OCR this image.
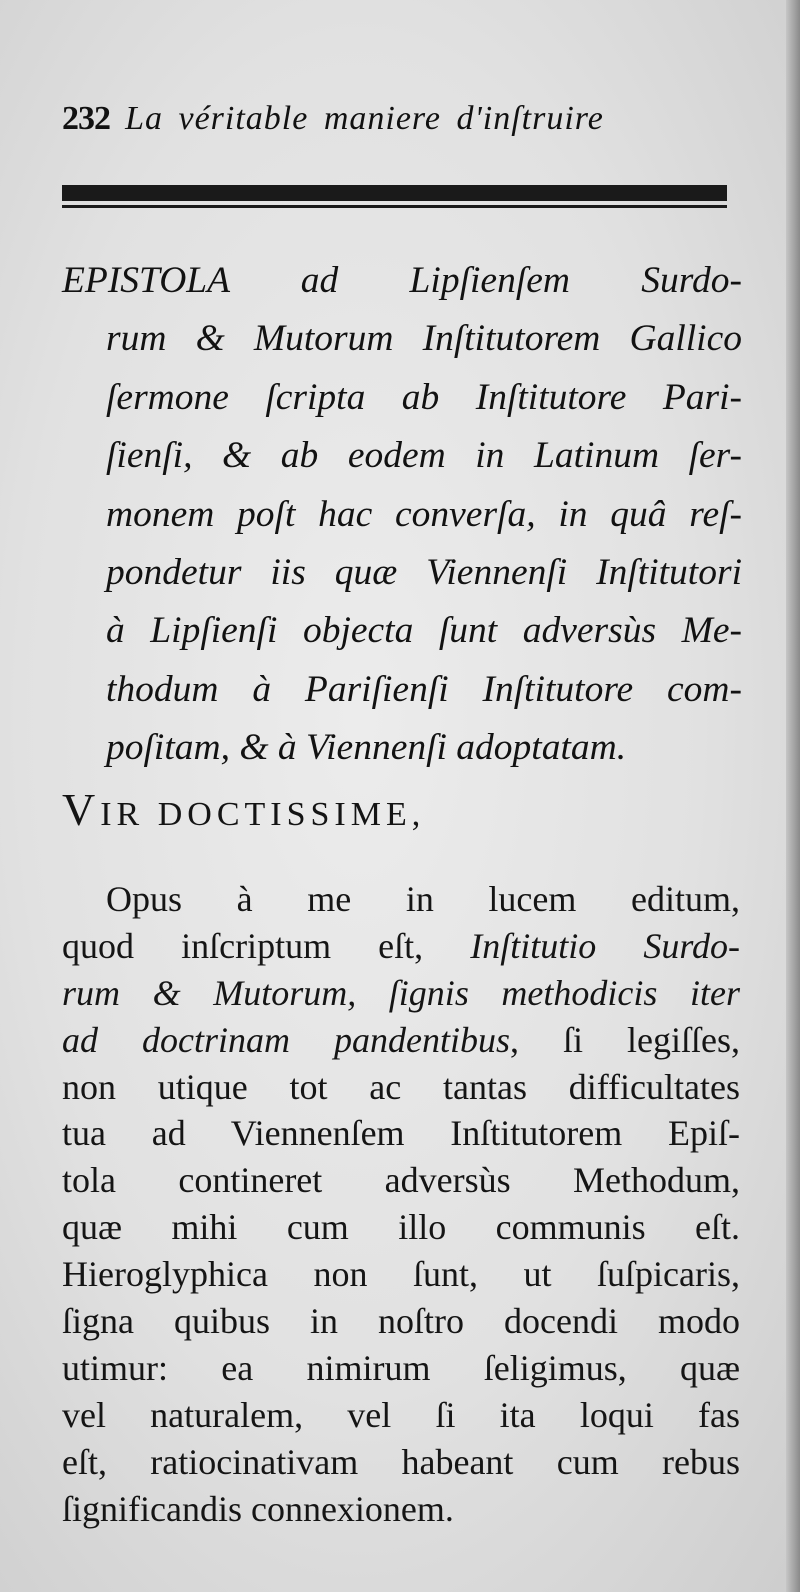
232 La véritable maniere d'inſtruire
EPISTOLA ad Lipſienſem Surdo-
rum & Mutorum Inſtitutorem Gallico
ſermone ſcripta ab Inſtitutore Pari-
ſienſi, & ab eodem in Latinum ſer-
monem poſt hac converſa, in quâ reſ-
pondetur iis quæ Viennenſi Inſtitutori
à Lipſienſi objecta ſunt adversùs Me-
thodum à Pariſienſi Inſtitutore com-
poſitam, & à Viennenſi adoptatam.
VIR DOCTISSIME,
Opus à me in lucem editum,
quod inſcriptum eſt, Inſtitutio Surdo-
rum & Mutorum, ſignis methodicis iter
ad doctrinam pandentibus, ſi legiſſes,
non utique tot ac tantas difficultates
tua ad Viennenſem Inſtitutorem Epiſ-
tola contineret adversùs Methodum,
quæ mihi cum illo communis eſt.
Hieroglyphica non ſunt, ut ſuſpicaris,
ſigna quibus in noſtro docendi modo
utimur: ea nimirum ſeligimus, quæ
vel naturalem, vel ſi ita loqui fas
eſt, ratiocinativam habeant cum rebus
ſignificandis connexionem.
